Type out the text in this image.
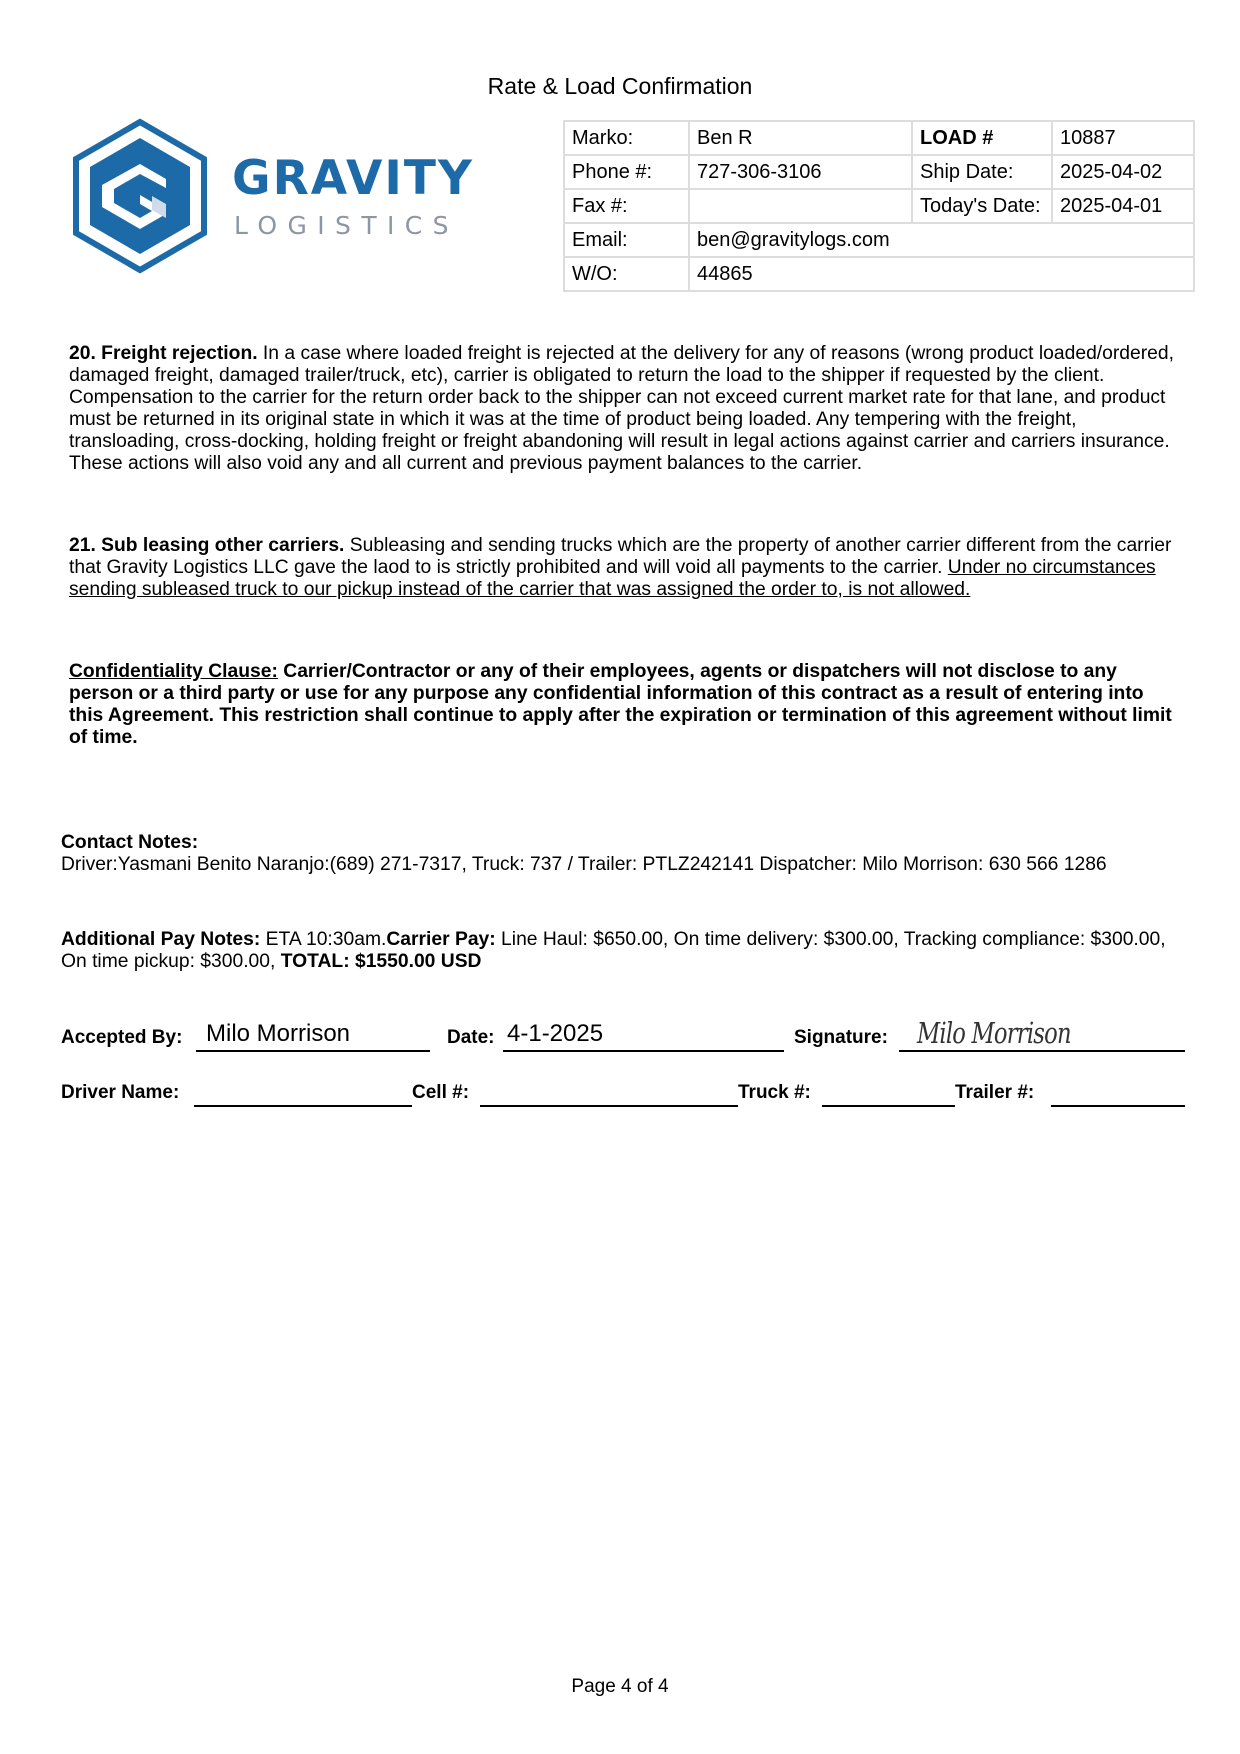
Rate & Load Confirmation
GRAVITY
LOGISTICS
Marko:	Ben R	LOAD #	10887
Phone #:	727-306-3106	Ship Date:	2025-04-02
Fax #:		Today's Date:	2025-04-01
Email:	ben@gravitylogs.com		
W/O:	44865		
20. Freight rejection. In a case where loaded freight is rejected at the delivery for any of reasons (wrong product loaded/ordered, damaged freight, damaged trailer/truck, etc), carrier is obligated to return the load to the shipper if requested by the client. Compensation to the carrier for the return order back to the shipper can not exceed current market rate for that lane, and product must be returned in its original state in which it was at the time of product being loaded. Any tempering with the freight, transloading, cross-docking, holding freight or freight abandoning will result in legal actions against carrier and carriers insurance. These actions will also void any and all current and previous payment balances to the carrier.
21. Sub leasing other carriers. Subleasing and sending trucks which are the property of another carrier different from the carrier that Gravity Logistics LLC gave the laod to is strictly prohibited and will void all payments to the carrier. Under no circumstances sending subleased truck to our pickup instead of the carrier that was assigned the order to, is not allowed.
Confidentiality Clause: Carrier/Contractor or any of their employees, agents or dispatchers will not disclose to any person or a third party or use for any purpose any confidential information of this contract as a result of entering into this Agreement. This restriction shall continue to apply after the expiration or termination of this agreement without limit of time.
Contact Notes:
Driver:Yasmani Benito Naranjo:(689) 271-7317, Truck: 737 / Trailer: PTLZ242141 Dispatcher: Milo Morrison: 630 566 1286
Additional Pay Notes: ETA 10:30am.Carrier Pay: Line Haul: $650.00, On time delivery: $300.00, Tracking compliance: $300.00, On time pickup: $300.00, TOTAL: $1550.00 USD
Accepted By: Milo Morrison	Date: 4-1-2025	Signature: Milo Morrison
Driver Name:	Cell #:	Truck #:	Trailer #:
Page 4 of 4
